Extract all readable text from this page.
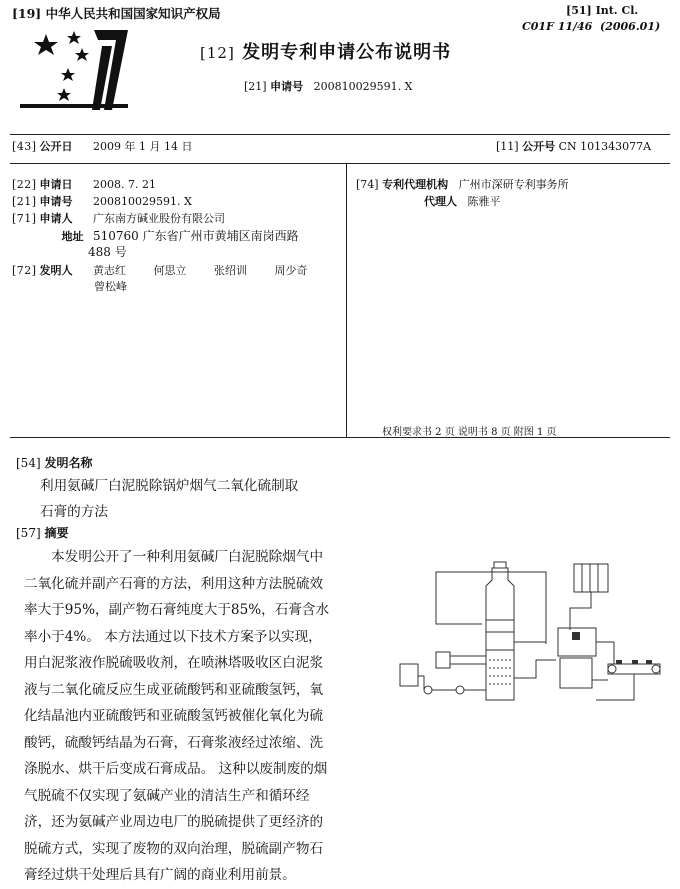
[19] 中华人民共和国国家知识产权局	[51] Int. Cl.
C01F 11/46 (2006.01)
[12] 发明专利申请公布说明书
[21] 申请号 200810029591. X
[43] 公开日 2009 年 1 月 14 日	[11] 公开号 CN 101343077A
[22] 申请日 2008. 7. 21
[21] 申请号 200810029591. X
[71] 申请人 广东南方碱业股份有限公司
地址 510760 广东省广州市黄埔区南岗西路
488 号
[72] 发明人 黄志红 何思立 张绍训 周少奇
曾松峰
[74] 专利代理机构 广州市深研专利事务所
代理人 陈雅平
权利要求书 2 页 说明书 8 页 附图 1 页
[54] 发明名称
利用氨碱厂白泥脱除锅炉烟气二氧化硫制取
石膏的方法
[57] 摘要

　　本发明公开了一种利用氨碱厂白泥脱除烟气中

二氧化硫并副产石膏的方法，利用这种方法脱硫效

率大于95%，副产物石膏纯度大于85%，石膏含水

率小于4%。 本方法通过以下技术方案予以实现，

用白泥浆液作脱硫吸收剂，在喷淋塔吸收区白泥浆

液与二氧化硫反应生成亚硫酸钙和亚硫酸氢钙，氧

化结晶池内亚硫酸钙和亚硫酸氢钙被催化氧化为硫

酸钙，硫酸钙结晶为石膏，石膏浆液经过浓缩、洗

涤脱水、烘干后变成石膏成品。 这种以废制废的烟

气脱硫不仅实现了氨碱产业的清洁生产和循环经

济，还为氨碱产业周边电厂的脱硫提供了更经济的

脱硫方式，实现了废物的双向治理，脱硫副产物石

膏经过烘干处理后具有广阔的商业利用前景。
